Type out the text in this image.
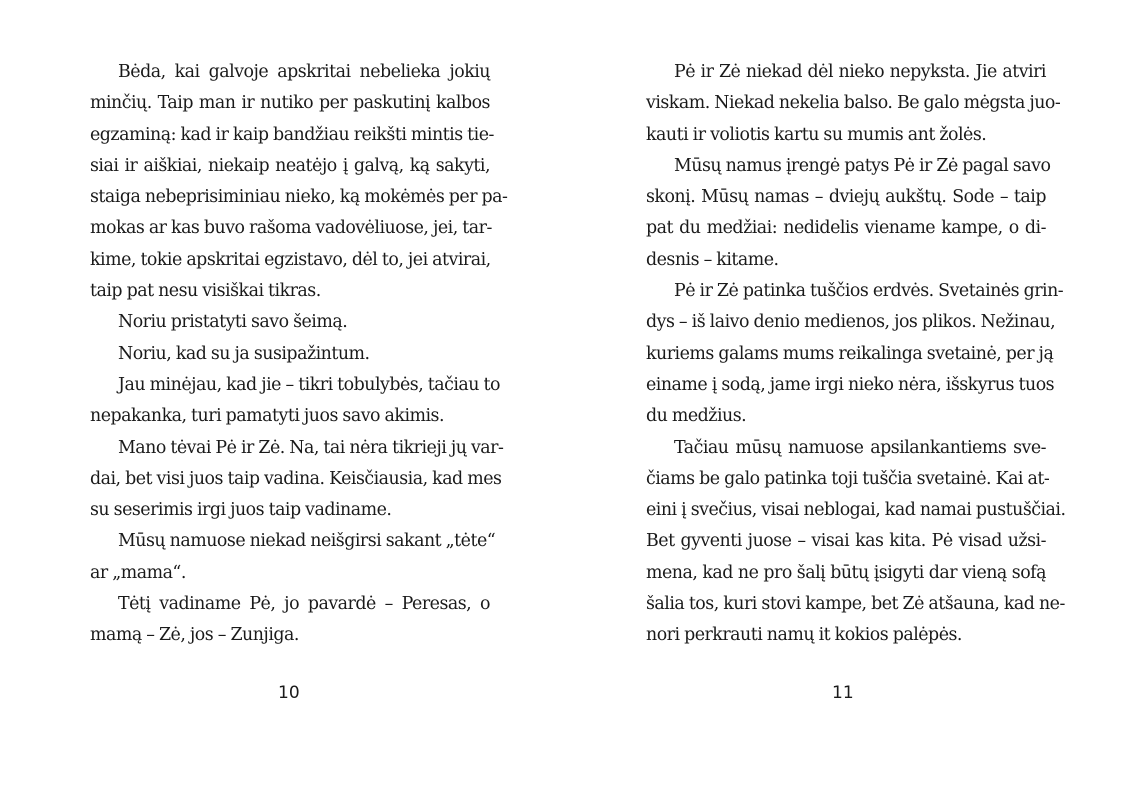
Bėda, kai galvoje apskritai nebelieka jokių
minčių. Taip man ir nutiko per paskutinį kalbos
egzaminą: kad ir kaip bandžiau reikšti mintis tie-
siai ir aiškiai, niekaip neatėjo į galvą, ką sakyti,
staiga nebeprisiminiau nieko, ką mokėmės per pa-
mokas ar kas buvo rašoma vadovėliuose, jei, tar-
kime, tokie apskritai egzistavo, dėl to, jei atvirai,
taip pat nesu visiškai tikras.
Noriu pristatyti savo šeimą.
Noriu, kad su ja susipažintum.
Jau minėjau, kad jie – tikri tobulybės, tačiau to
nepakanka, turi pamatyti juos savo akimis.
Mano tėvai Pė ir Zė. Na, tai nėra tikrieji jų var-
dai, bet visi juos taip vadina. Keisčiausia, kad mes
su seserimis irgi juos taip vadiname.
Mūsų namuose niekad neišgirsi sakant „tėte“
ar „mama“.
Tėtį vadiname Pė, jo pavardė – Peresas, o
mamą – Zė, jos – Zunjiga.
10
Pė ir Zė niekad dėl nieko nepyksta. Jie atviri
viskam. Niekad nekelia balso. Be galo mėgsta juo-
kauti ir voliotis kartu su mumis ant žolės.
Mūsų namus įrengė patys Pė ir Zė pagal savo
skonį. Mūsų namas – dviejų aukštų. Sode – taip
pat du medžiai: nedidelis viename kampe, o di-
desnis – kitame.
Pė ir Zė patinka tuščios erdvės. Svetainės grin-
dys – iš laivo denio medienos, jos plikos. Nežinau,
kuriems galams mums reikalinga svetainė, per ją
einame į sodą, jame irgi nieko nėra, išskyrus tuos
du medžius.
Tačiau mūsų namuose apsilankantiems sve-
čiams be galo patinka toji tuščia svetainė. Kai at-
eini į svečius, visai neblogai, kad namai pustuščiai.
Bet gyventi juose – visai kas kita. Pė visad užsi-
mena, kad ne pro šalį būtų įsigyti dar vieną sofą
šalia tos, kuri stovi kampe, bet Zė atšauna, kad ne-
nori perkrauti namų it kokios palėpės.
11
